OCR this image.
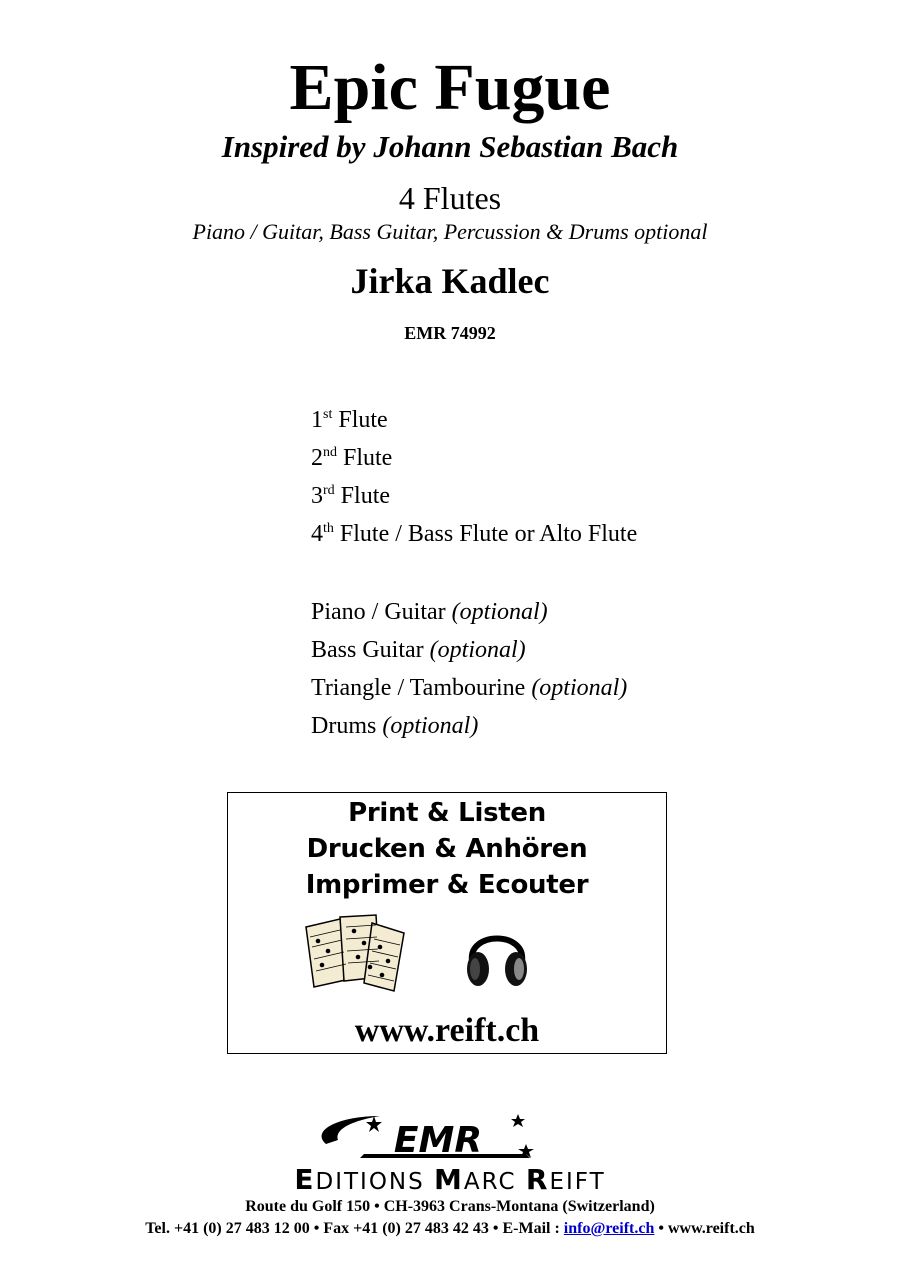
Epic Fugue
Inspired by Johann Sebastian Bach
4 Flutes
Piano / Guitar, Bass Guitar, Percussion & Drums optional
Jirka Kadlec
EMR 74992
1st Flute
2nd Flute
3rd Flute
4th Flute / Bass Flute or Alto Flute
Piano / Guitar (optional)
Bass Guitar (optional)
Triangle / Tambourine (optional)
Drums (optional)
Print & Listen
Drucken & Anhören
Imprimer & Ecouter
www.reift.ch
EMR
EDITIONS MARC REIFT
Route du Golf 150 • CH-3963 Crans-Montana (Switzerland)
Tel. +41 (0) 27 483 12 00 • Fax +41 (0) 27 483 42 43 • E-Mail : info@reift.ch • www.reift.ch
